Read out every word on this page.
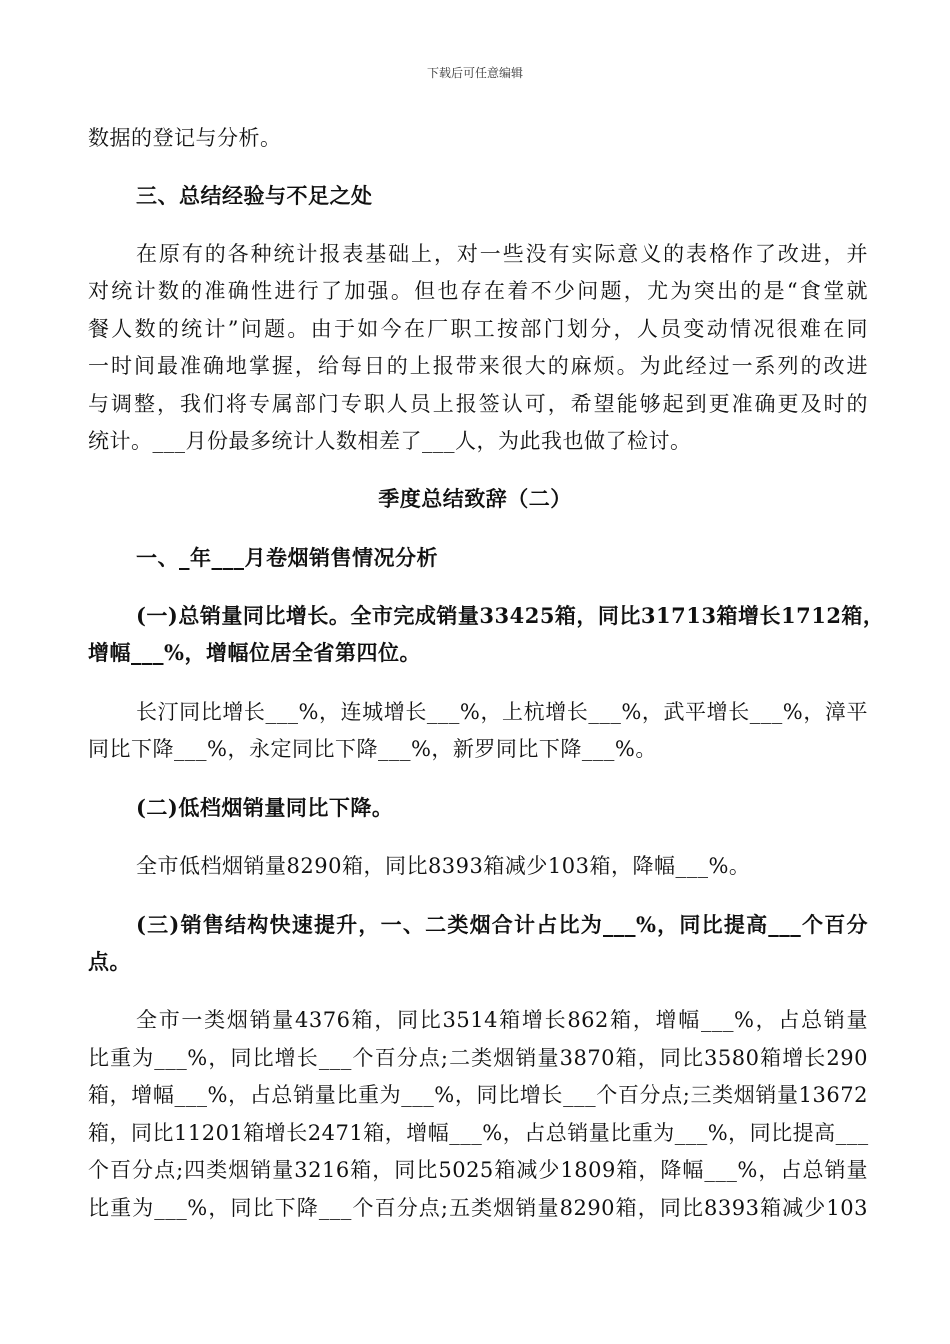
下载后可任意编辑
数据的登记与分析。
三、总结经验与不足之处
在原有的各种统计报表基础上，对一些没有实际意义的表格作了改进，并
对统计数的准确性进行了加强。但也存在着不少问题，尤为突出的是“食堂就
餐人数的统计”问题。由于如今在厂职工按部门划分，人员变动情况很难在同
一时间最准确地掌握，给每日的上报带来很大的麻烦。为此经过一系列的改进
与调整，我们将专属部门专职人员上报签认可，希望能够起到更准确更及时的
统计。___月份最多统计人数相差了___人，为此我也做了检讨。
季度总结致辞（二）
一、_年___月卷烟销售情况分析
(一)总销量同比增长。全市完成销量33425箱，同比31713箱增长1712箱，
增幅___%，增幅位居全省第四位。
长汀同比增长___%，连城增长___%，上杭增长___%，武平增长___%，漳平
同比下降___%，永定同比下降___%，新罗同比下降___%。
(二)低档烟销量同比下降。
全市低档烟销量8290箱，同比8393箱减少103箱，降幅___%。
(三)销售结构快速提升，一、二类烟合计占比为___%，同比提高___个百分
点。
全市一类烟销量4376箱，同比3514箱增长862箱，增幅___%，占总销量
比重为___%，同比增长___个百分点;二类烟销量3870箱，同比3580箱增长290
箱，增幅___%，占总销量比重为___%，同比增长___个百分点;三类烟销量13672
箱，同比11201箱增长2471箱，增幅___%，占总销量比重为___%，同比提高___
个百分点;四类烟销量3216箱，同比5025箱减少1809箱，降幅___%，占总销量
比重为___%，同比下降___个百分点;五类烟销量8290箱，同比8393箱减少103
